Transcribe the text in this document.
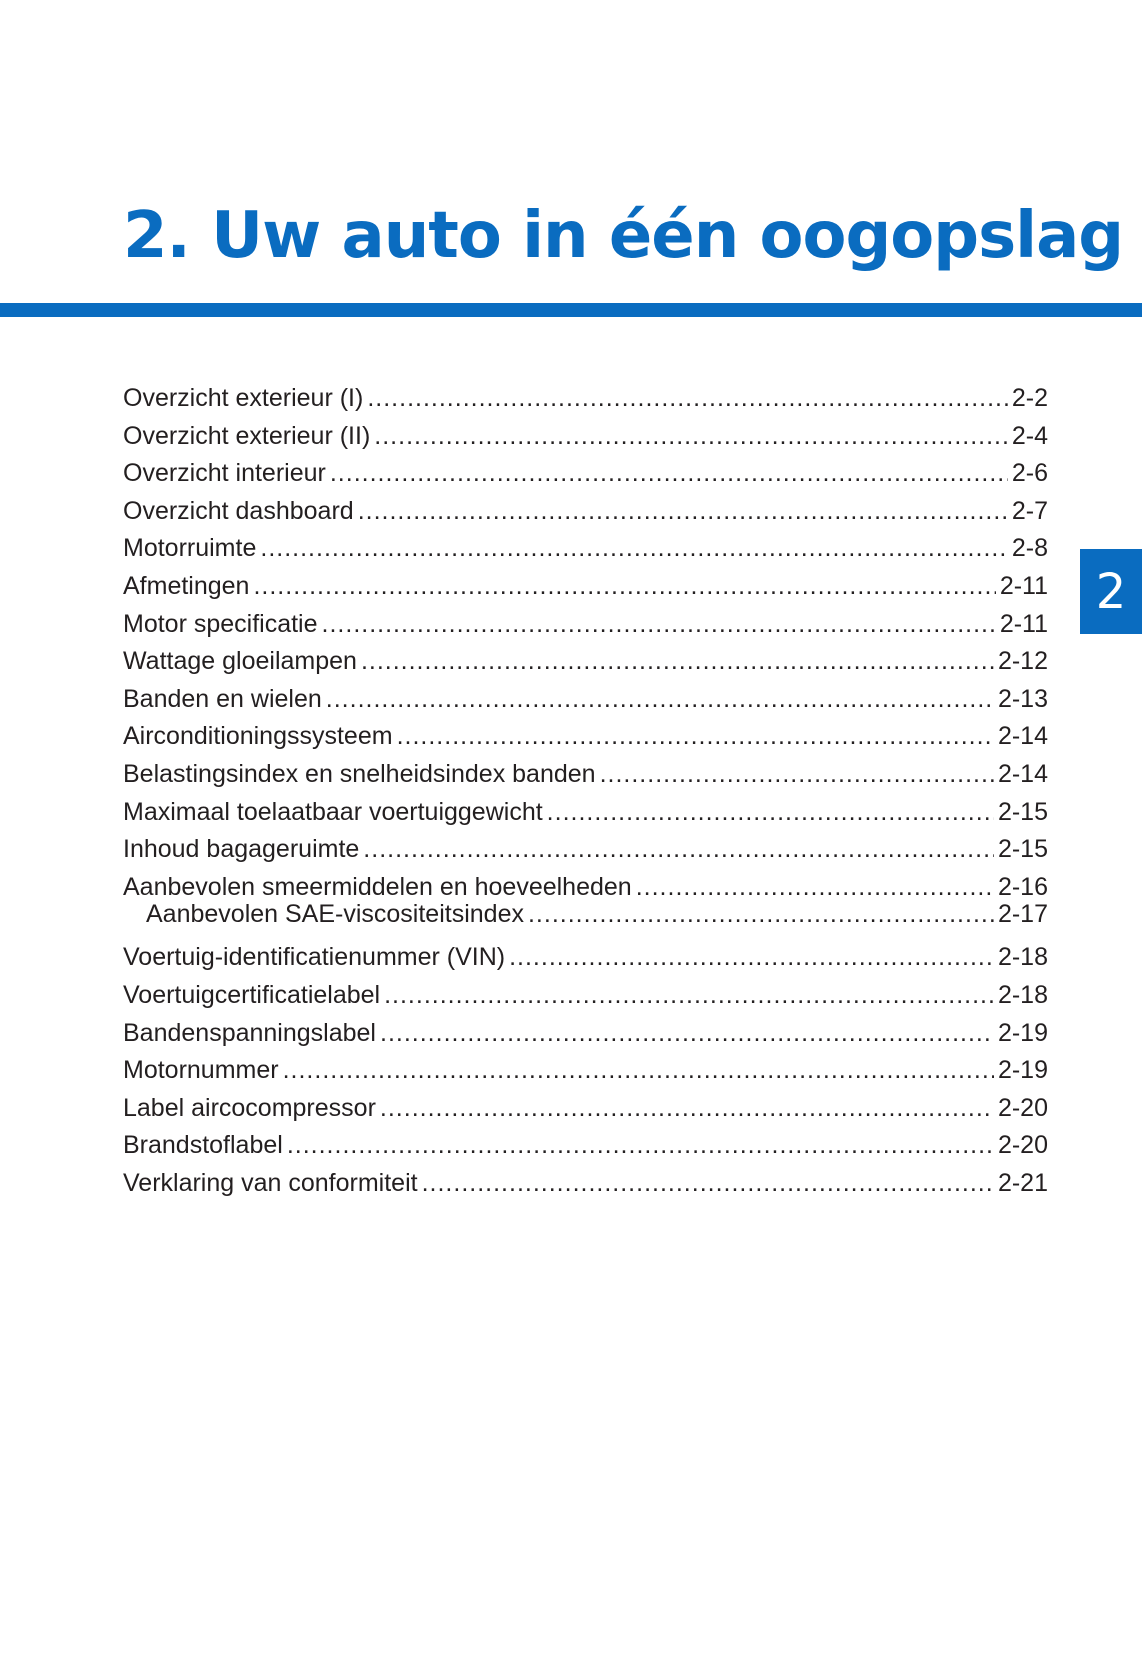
2. Uw auto in één oogopslag
Overzicht exterieur (I) .....	2-2
Overzicht exterieur (II) .....	2-4
Overzicht interieur .....	2-6
Overzicht dashboard .....	2-7
Motorruimte .....	2-8
Afmetingen .....	2-11
Motor specificatie .....	2-11
Wattage gloeilampen .....	2-12
Banden en wielen .....	2-13
Airconditioningssysteem .....	2-14
Belastingsindex en snelheidsindex banden .....	2-14
Maximaal toelaatbaar voertuiggewicht .....	2-15
Inhoud bagageruimte .....	2-15
Aanbevolen smeermiddelen en hoeveelheden .....	2-16
Aanbevolen SAE-viscositeitsindex .....	2-17
Voertuig-identificatienummer (VIN) .....	2-18
Voertuigcertificatielabel .....	2-18
Bandenspanningslabel .....	2-19
Motornummer .....	2-19
Label aircocompressor .....	2-20
Brandstoflabel .....	2-20
Verklaring van conformiteit .....	2-21
2
